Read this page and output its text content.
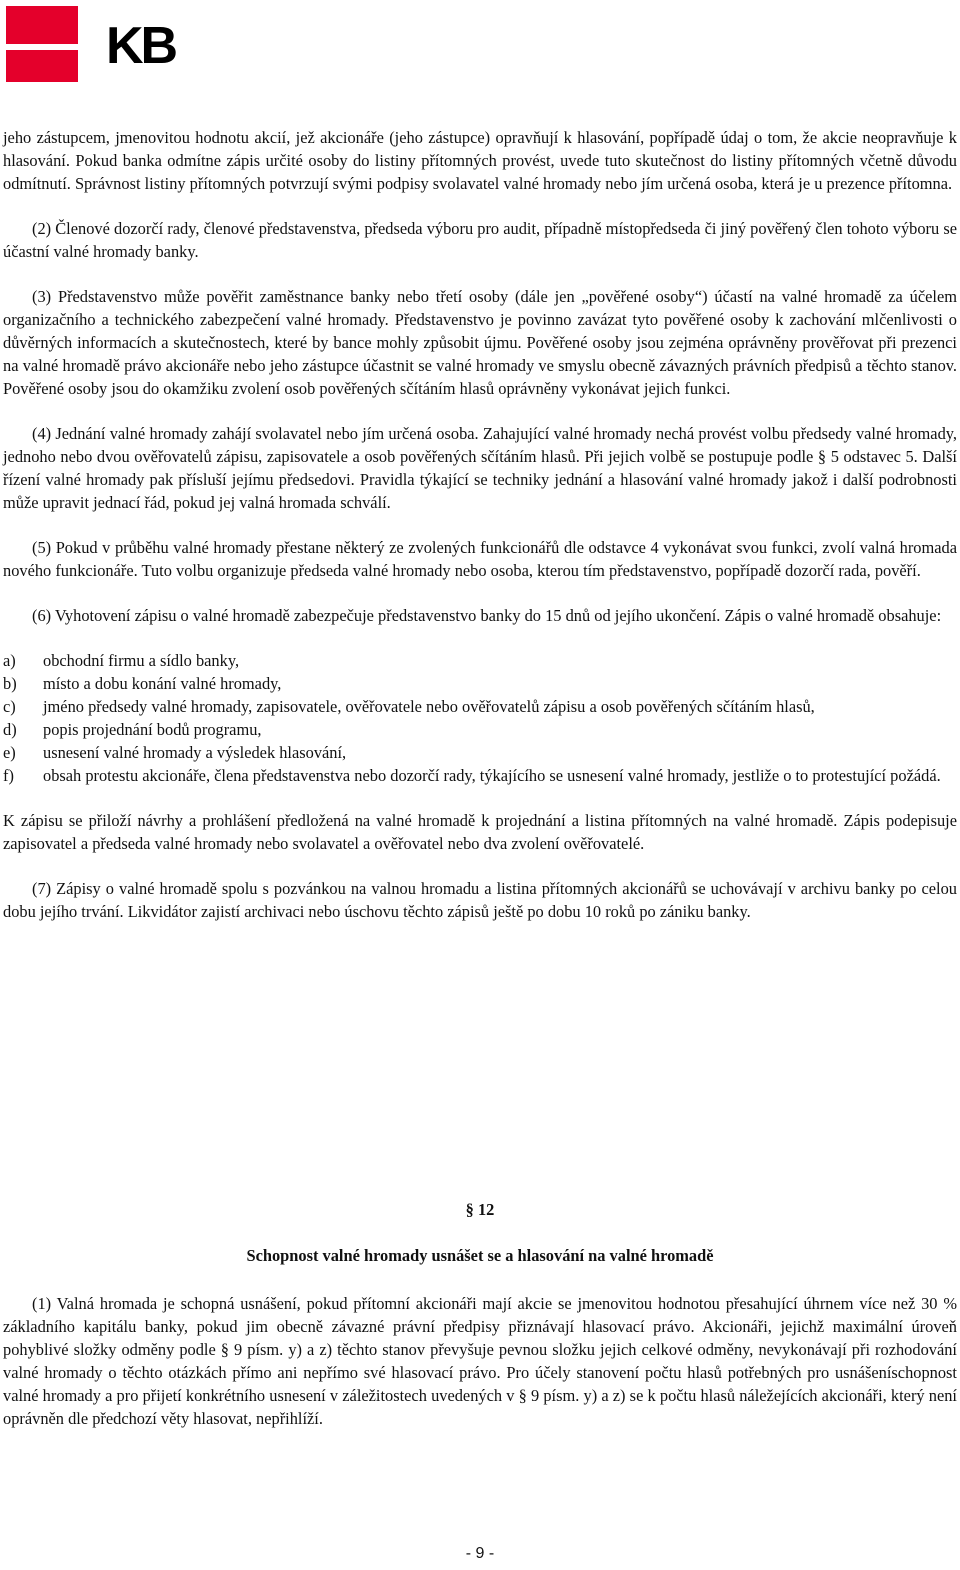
KB

jeho zástupcem, jmenovitou hodnotu akcií, jež akcionáře (jeho zástupce) opravňují k hlasování, popřípadě údaj o tom, že akcie neopravňuje k hlasování. Pokud banka odmítne zápis určité osoby do listiny přítomných provést, uvede tuto skutečnost do listiny přítomných včetně důvodu odmítnutí. Správnost listiny přítomných potvrzují svými podpisy svolavatel valné hromady nebo jím určená osoba, která je u prezence přítomna.

(2) Členové dozorčí rady, členové představenstva, předseda výboru pro audit, případně místopředseda či jiný pověřený člen tohoto výboru se účastní valné hromady banky.

(3) Představenstvo může pověřit zaměstnance banky nebo třetí osoby (dále jen „pověřené osoby“) účastí na valné hromadě za účelem organizačního a technického zabezpečení valné hromady. Představenstvo je povinno zavázat tyto pověřené osoby k zachování mlčenlivosti o důvěrných informacích a skutečnostech, které by bance mohly způsobit újmu. Pověřené osoby jsou zejména oprávněny prověřovat při prezenci na valné hromadě právo akcionáře nebo jeho zástupce účastnit se valné hromady ve smyslu obecně závazných právních předpisů a těchto stanov. Pověřené osoby jsou do okamžiku zvolení osob pověřených sčítáním hlasů oprávněny vykonávat jejich funkci.

(4) Jednání valné hromady zahájí svolavatel nebo jím určená osoba. Zahajující valné hromady nechá provést volbu předsedy valné hromady, jednoho nebo dvou ověřovatelů zápisu, zapisovatele a osob pověřených sčítáním hlasů. Při jejich volbě se postupuje podle § 5 odstavec 5. Další řízení valné hromady pak přísluší jejímu předsedovi. Pravidla týkající se techniky jednání a hlasování valné hromady jakož i další podrobnosti může upravit jednací řád, pokud jej valná hromada schválí.

(5) Pokud v průběhu valné hromady přestane některý ze zvolených funkcionářů dle odstavce 4 vykonávat svou funkci, zvolí valná hromada nového funkcionáře. Tuto volbu organizuje předseda valné hromady nebo osoba, kterou tím představenstvo, popřípadě dozorčí rada, pověří.

(6) Vyhotovení zápisu o valné hromadě zabezpečuje představenstvo banky do 15 dnů od jejího ukončení. Zápis o valné hromadě obsahuje:

a)	obchodní firmu a sídlo banky,
b)	místo a dobu konání valné hromady,
c)	jméno předsedy valné hromady, zapisovatele, ověřovatele nebo ověřovatelů zápisu a osob pověřených sčítáním hlasů,
d)	popis projednání bodů programu,
e)	usnesení valné hromady a výsledek hlasování,
f)	obsah protestu akcionáře, člena představenstva nebo dozorčí rady, týkajícího se usnesení valné hromady, jestliže o to protestující požádá.

K zápisu se přiloží návrhy a prohlášení předložená na valné hromadě k projednání a listina přítomných na valné hromadě. Zápis podepisuje zapisovatel a předseda valné hromady nebo svolavatel a ověřovatel nebo dva zvolení ověřovatelé.

(7) Zápisy o valné hromadě spolu s pozvánkou na valnou hromadu a listina přítomných akcionářů se uchovávají v archivu banky po celou dobu jejího trvání. Likvidátor zajistí archivaci nebo úschovu těchto zápisů ještě po dobu 10 roků po zániku banky.

§ 12
Schopnost valné hromady usnášet se a hlasování na valné hromadě

(1) Valná hromada je schopná usnášení, pokud přítomní akcionáři mají akcie se jmenovitou hodnotou přesahující úhrnem více než 30 % základního kapitálu banky, pokud jim obecně závazné právní předpisy přiznávají hlasovací právo. Akcionáři, jejichž maximální úroveň pohyblivé složky odměny podle § 9 písm. y) a z) těchto stanov převyšuje pevnou složku jejich celkové odměny, nevykonávají při rozhodování valné hromady o těchto otázkách přímo ani nepřímo své hlasovací právo. Pro účely stanovení počtu hlasů potřebných pro usnášeníschopnost valné hromady a pro přijetí konkrétního usnesení v záležitostech uvedených v § 9 písm. y) a z) se k počtu hlasů náležejících akcionáři, který není oprávněn dle předchozí věty hlasovat, nepřihlíží.

- 9 -
